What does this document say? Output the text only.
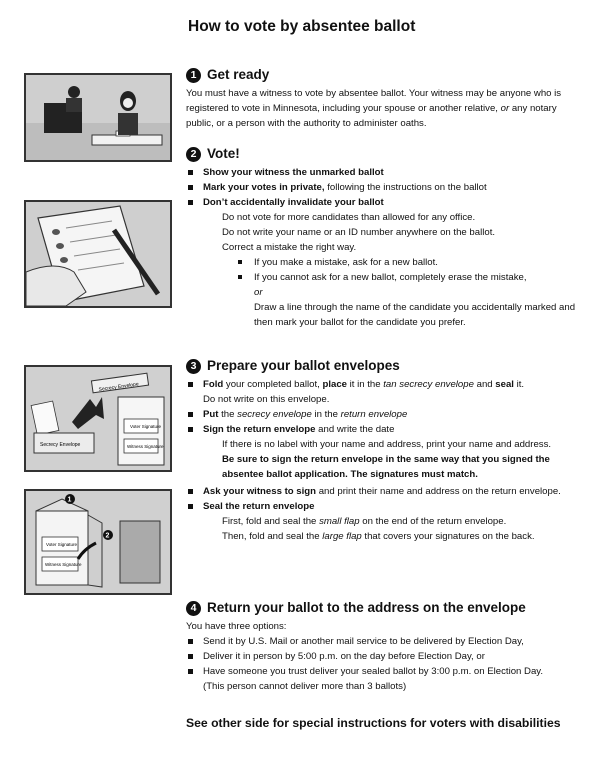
How to vote by absentee ballot
Secrecy Envelope
Secrecy Envelope
Voter Signature
Witness Signature
1
Voter Signature
Witness Signature
2
1 Get ready

You must have a witness to vote by absentee ballot. Your witness may be anyone who is registered to vote in Minnesota, including your spouse or another relative, or any notary public, or a person with the authority to administer oaths.

2 Vote!
Show your witness the unmarked ballot
Mark your votes in private, following the instructions on the ballot
Don’t accidentally invalidate your ballot
Do not vote for more candidates than allowed for any office.
Do not write your name or an ID number anywhere on the ballot.
Correct a mistake the right way.
If you make a mistake, ask for a new ballot.
If you cannot ask for a new ballot, completely erase the mistake,
or
Draw a line through the name of the candidate you accidentally marked and then mark your ballot for the candidate you prefer.
3 Prepare your ballot envelopes
Fold your completed ballot, place it in the tan secrecy envelope and seal it.
Do not write on this envelope.
Put the secrecy envelope in the return envelope
Sign the return envelope and write the date
If there is no label with your name and address, print your name and address.
Be sure to sign the return envelope in the same way that you signed the absentee ballot application. The signatures must match.
Ask your witness to sign and print their name and address on the return envelope.
Seal the return envelope
First, fold and seal the small flap on the end of the return envelope.
Then, fold and seal the large flap that covers your signatures on the back.
4 Return your ballot to the address on the envelope

You have three options:

Send it by U.S. Mail or another mail service to be delivered by Election Day,
Deliver it in person by 5:00 p.m. on the day before Election Day, or
Have someone you trust deliver your sealed ballot by 3:00 p.m. on Election Day.
(This person cannot deliver more than 3 ballots)
See other side for special instructions for voters with disabilities
